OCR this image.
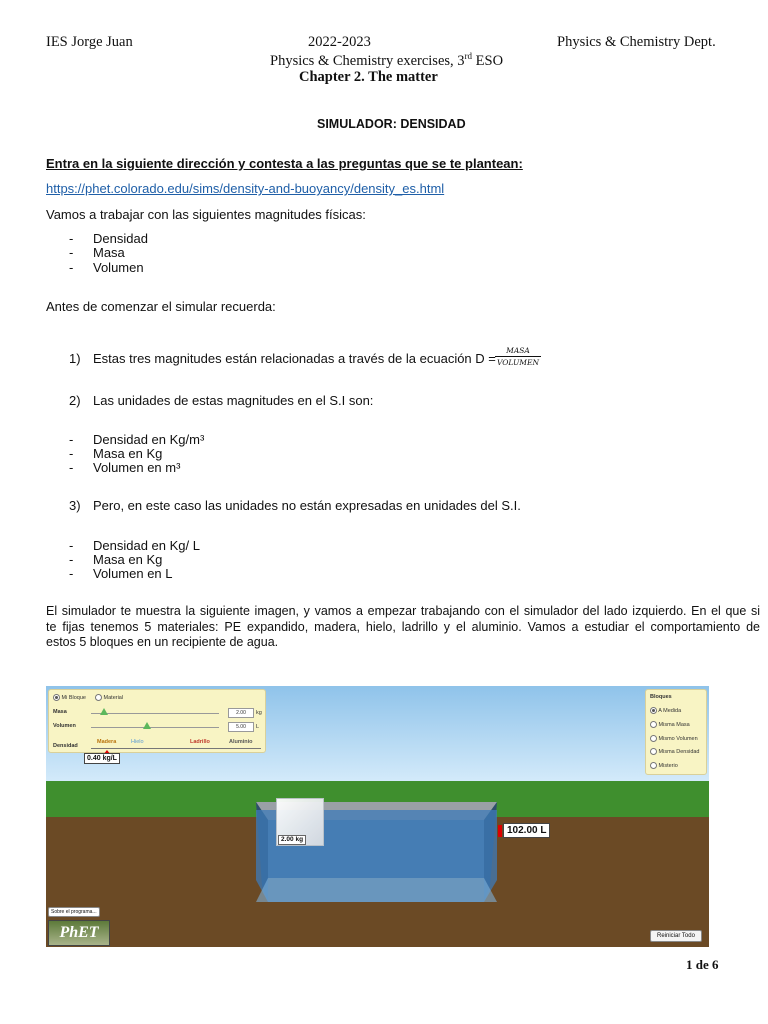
IES Jorge Juan	2022-2023	Physics & Chemistry Dept.
Physics & Chemistry exercises, 3rd ESO
Chapter 2. The matter
SIMULADOR: DENSIDAD
Entra en la siguiente dirección y contesta a las preguntas que se te plantean:
https://phet.colorado.edu/sims/density-and-buoyancy/density_es.html
Vamos a trabajar con las siguientes magnitudes físicas:
- Densidad
- Masa
- Volumen
Antes de comenzar el simular recuerda:
1) Estas tres magnitudes están relacionadas a través de la ecuación D =
MASA
VOLUMEN
2) Las unidades de estas magnitudes en el S.I son:
- Densidad en Kg/m³
- Masa en Kg
- Volumen en m³
3) Pero, en este caso las unidades no están expresadas en unidades del S.I.
- Densidad en Kg/ L
- Masa en Kg
- Volumen en L
El simulador te muestra la siguiente imagen, y vamos a empezar trabajando con el simulador del lado izquierdo. En el que si
te fijas tenemos 5 materiales: PE expandido, madera, hielo, ladrillo y el aluminio. Vamos a estudiar el comportamiento de
estos 5 bloques en un recipiente de agua.
2.00 kg
102.00 L
Mi Bloque	Material
Masa	2.00	kg
Volumen	5.00	L
Densidad
Madera	Hielo	Ladrillo	Aluminio
0.40 kg/L
Bloques
A Medida
Misma Masa
Mismo Volumen
Misma Densidad
Misterio
Sobre el programa...
PhET	Reiniciar Todo
1 de 6
